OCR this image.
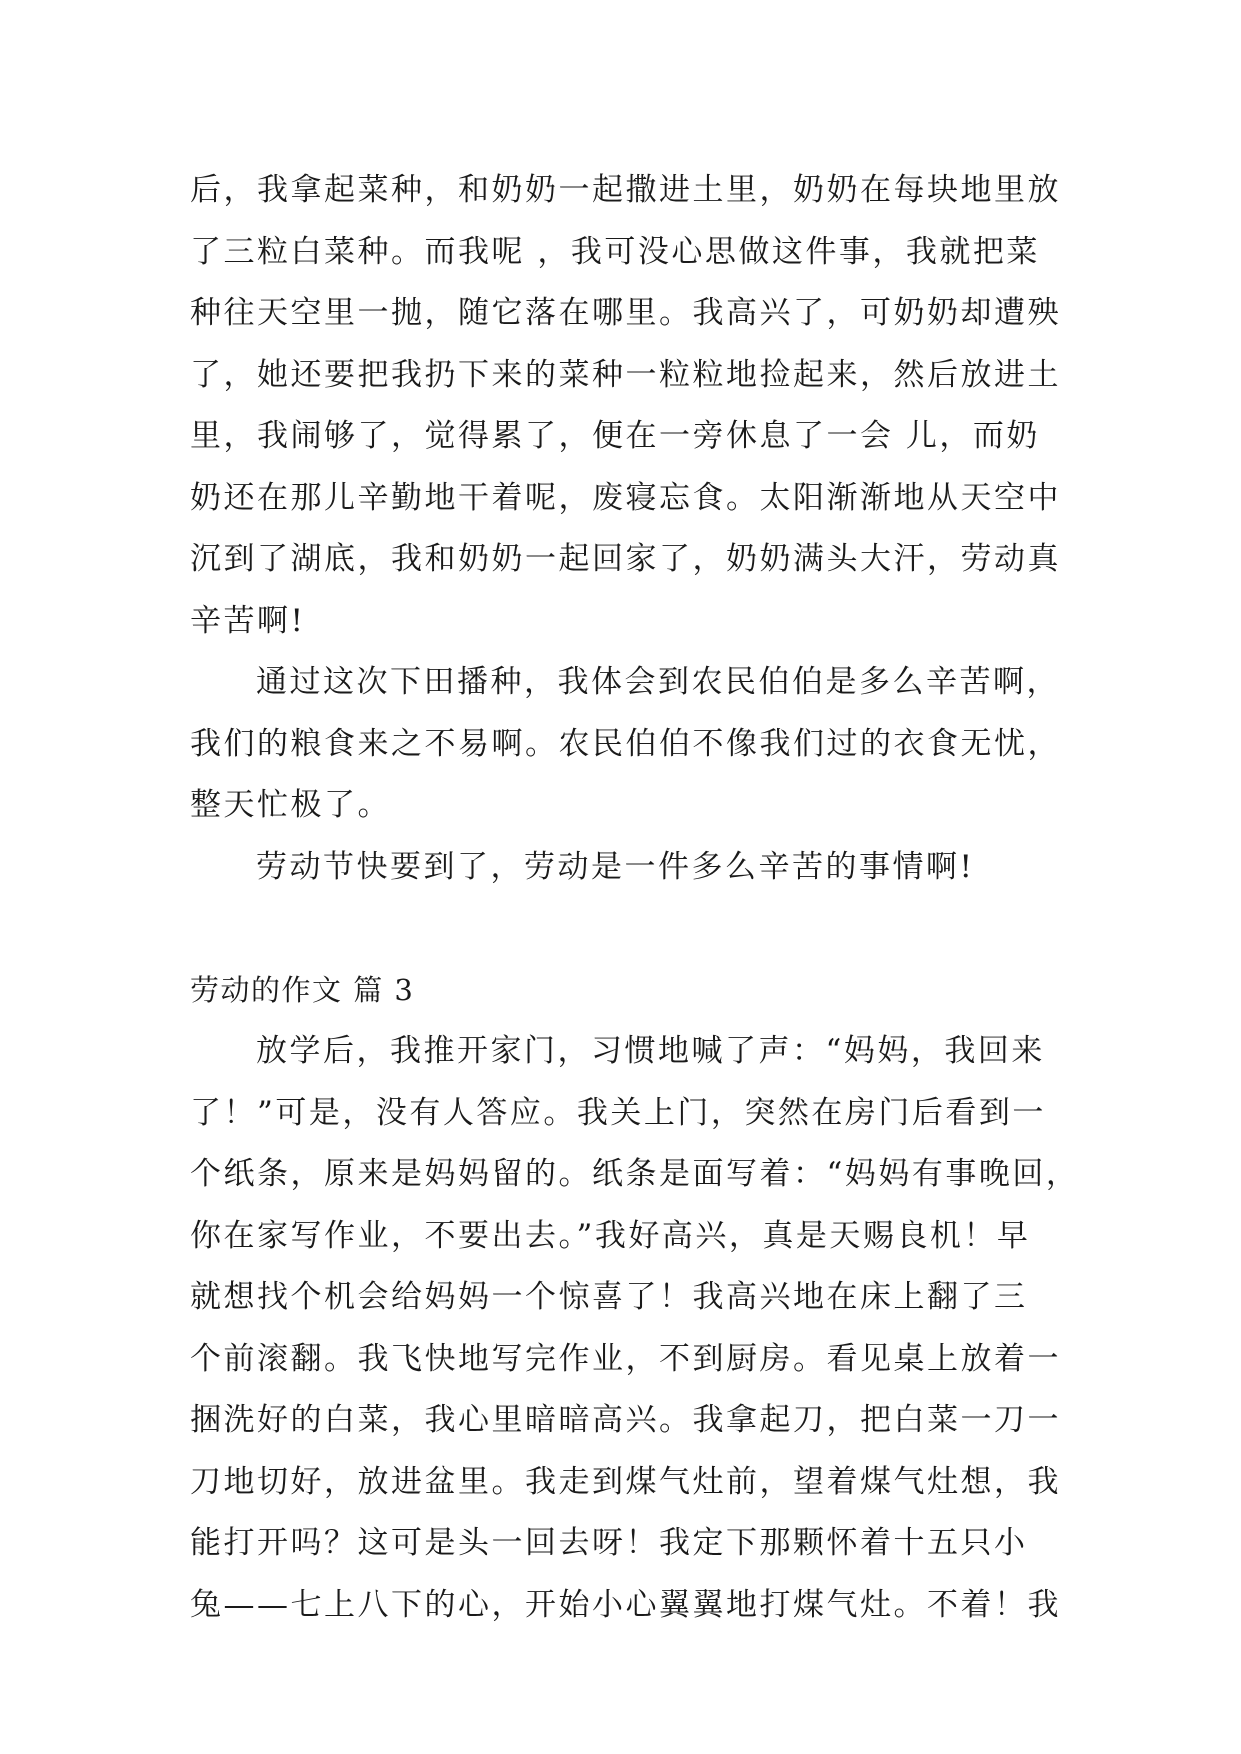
后，我拿起菜种，和奶奶一起撒进土里，奶奶在每块地里放
了三粒白菜种。而我呢 ，我可没心思做这件事，我就把菜
种往天空里一抛，随它落在哪里。我高兴了，可奶奶却遭殃
了，她还要把我扔下来的菜种一粒粒地捡起来，然后放进土
里，我闹够了，觉得累了，便在一旁休息了一会 儿，而奶
奶还在那儿辛勤地干着呢，废寝忘食。太阳渐渐地从天空中
沉到了湖底，我和奶奶一起回家了，奶奶满头大汗，劳动真
辛苦啊!
通过这次下田播种，我体会到农民伯伯是多么辛苦啊，
我们的粮食来之不易啊。农民伯伯不像我们过的衣食无忧，
整天忙极了。
劳动节快要到了，劳动是一件多么辛苦的事情啊!
劳动的作文 篇 3
放学后，我推开家门，习惯地喊了声：“妈妈，我回来
了！”可是，没有人答应。我关上门，突然在房门后看到一
个纸条，原来是妈妈留的。纸条是面写着：“妈妈有事晚回，
你在家写作业，不要出去。”我好高兴，真是天赐良机！早
就想找个机会给妈妈一个惊喜了！我高兴地在床上翻了三
个前滚翻。我飞快地写完作业，不到厨房。看见桌上放着一
捆洗好的白菜，我心里暗暗高兴。我拿起刀，把白菜一刀一
刀地切好，放进盆里。我走到煤气灶前，望着煤气灶想，我
能打开吗？这可是头一回去呀！我定下那颗怀着十五只小
兔——七上八下的心，开始小心翼翼地打煤气灶。不着！我
